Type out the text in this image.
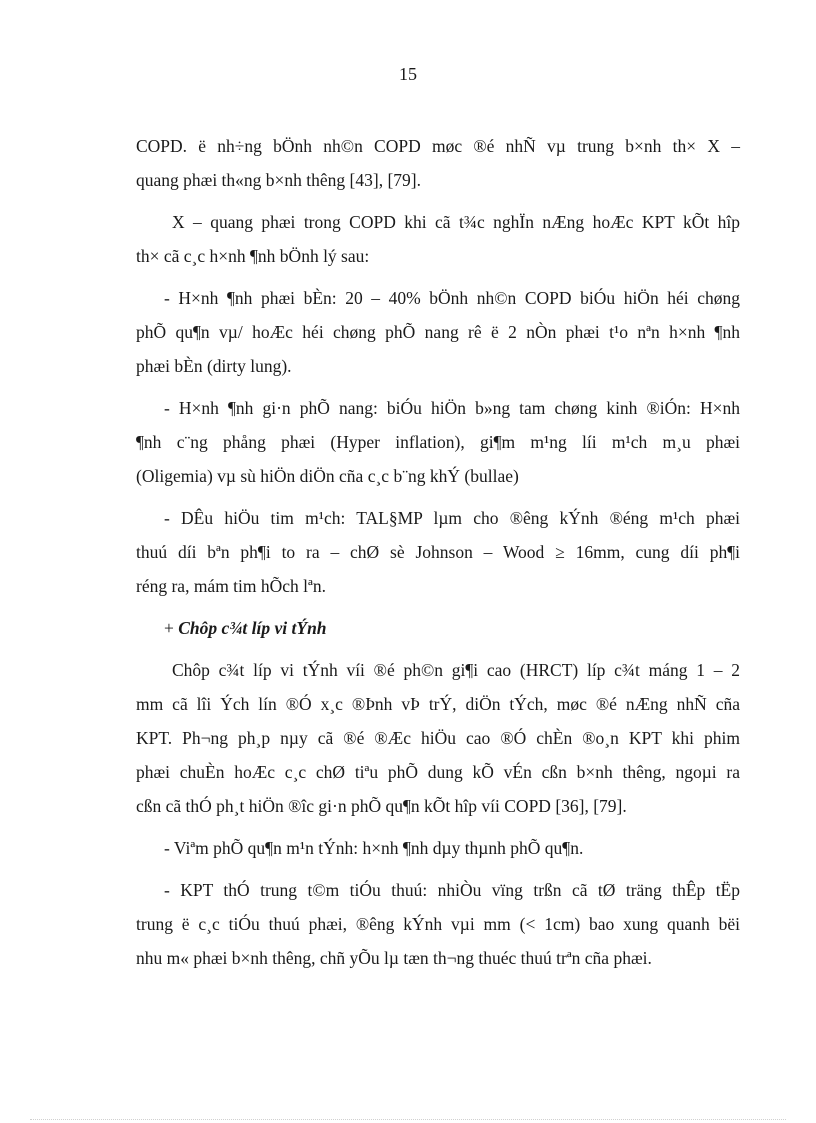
15
COPD. ë nh÷ng bÖnh nh©n COPD møc ®é nhÑ vµ trung b×nh th× X –
quang phæi th«ng b×nh thêng [43], [79].
X – quang phæi trong COPD khi cã t¾c nghÏn nÆng hoÆc KPT kÕt hîp
th× cã c¸c h×nh ¶nh bÖnh lý sau:
- H×nh ¶nh phæi bÈn: 20 – 40% bÖnh nh©n COPD biÓu hiÖn héi chøng
phÕ qu¶n vµ/ hoÆc héi chøng phÕ nang rê ë 2 nÒn phæi t¹o nªn h×nh ¶nh
phæi bÈn (dirty lung).
- H×nh ¶nh gi·n phÕ nang: biÓu hiÖn b»ng tam chøng kinh ®iÓn: H×nh
¶nh c¨ng phång phæi (Hyper inflation), gi¶m m¹ng líi m¹ch m¸u phæi
(Oligemia) vµ sù hiÖn diÖn cña c¸c b¨ng khÝ (bullae)
- DÊu hiÖu tim m¹ch: TAL§MP lµm cho ®êng kÝnh ®éng m¹ch phæi
thuú díi bªn ph¶i to ra – chØ sè Johnson – Wood ≥ 16mm, cung díi ph¶i
réng ra, mám tim hÕch lªn.
+ Chôp c¾t líp vi tÝnh
Chôp c¾t líp vi tÝnh víi ®é ph©n gi¶i cao (HRCT) líp c¾t máng 1 – 2
mm cã lîi Ých lín ®Ó x¸c ®Þnh vÞ trÝ, diÖn tÝch, møc ®é nÆng nhÑ cña
KPT. Ph¬ng ph¸p nµy cã ®é ®Æc hiÖu cao ®Ó chÈn ®o¸n KPT khi phim
phæi chuÈn hoÆc c¸c chØ tiªu phÕ dung kÕ vÉn cßn b×nh thêng, ngoµi ra
cßn cã thÓ ph¸t hiÖn ®îc gi·n phÕ qu¶n kÕt hîp víi COPD [36], [79].
- Viªm phÕ qu¶n m¹n tÝnh: h×nh ¶nh dµy thµnh phÕ qu¶n.
- KPT thÓ trung t©m tiÓu thuú: nhiÒu vïng trßn cã tØ träng thÊp tËp
trung ë c¸c tiÓu thuú phæi, ®êng kÝnh vµi mm (< 1cm) bao xung quanh bëi
nhu m« phæi b×nh thêng, chñ yÕu lµ tæn th¬ng thuéc thuú trªn cña phæi.
